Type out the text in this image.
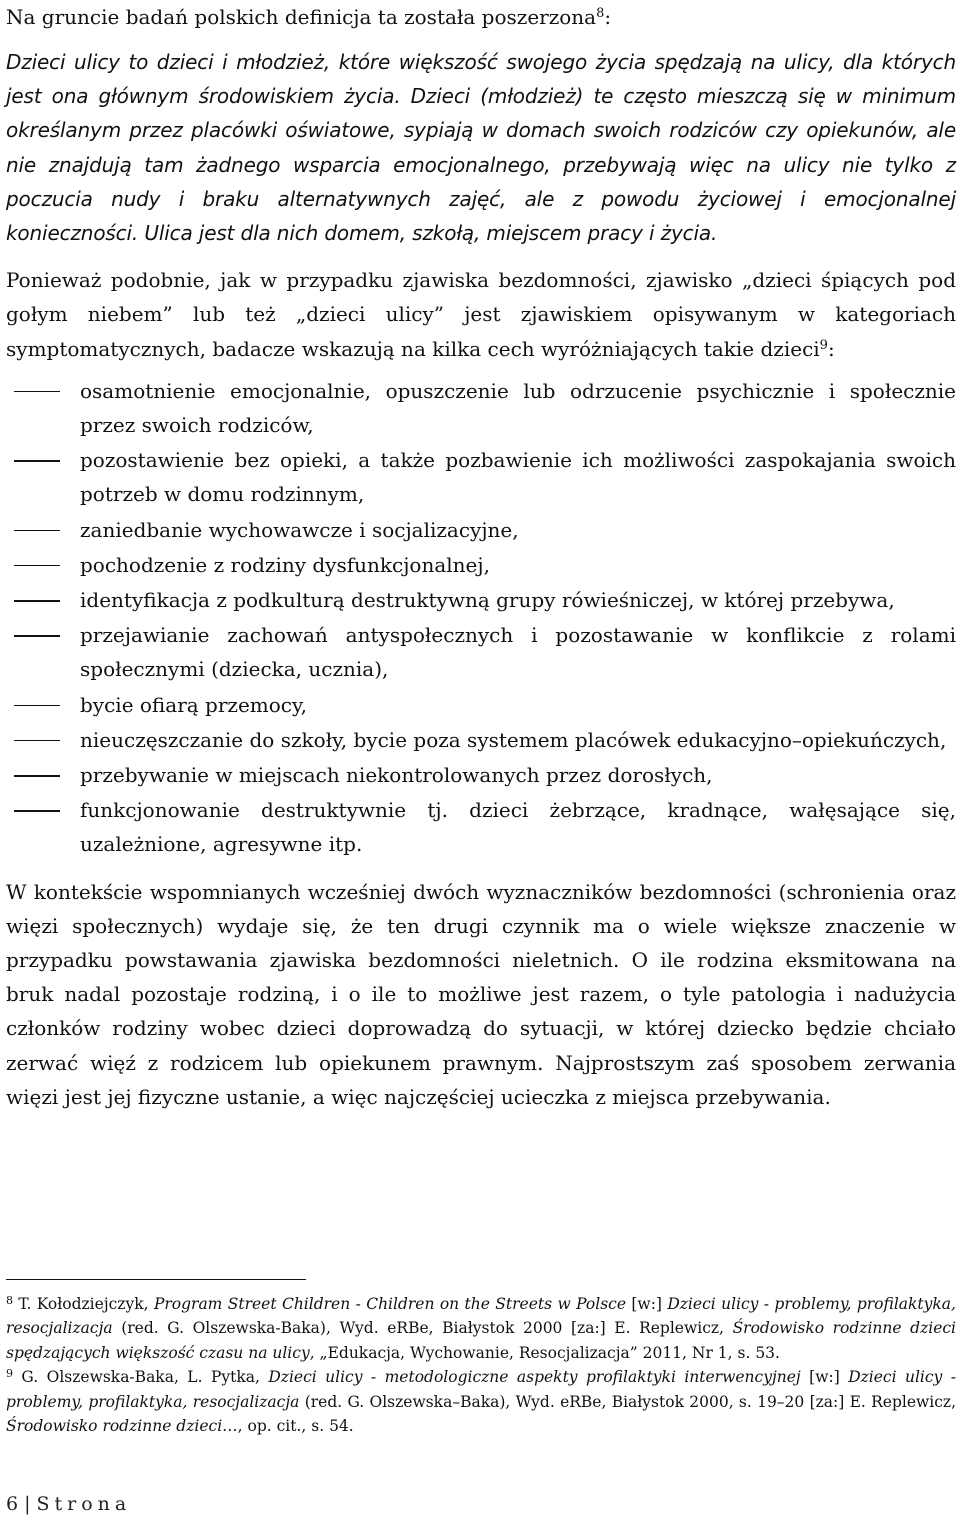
Na gruncie badań polskich definicja ta została poszerzona$^8$:

Dzieci ulicy to dzieci i młodzież, które większość swojego życia spędzają na ulicy, dla których jest ona głównym środowiskiem życia. Dzieci (młodzież) te często mieszczą się w minimum określanym przez placówki oświatowe, sypiają w domach swoich rodziców czy opiekunów, ale nie znajdują tam żadnego wsparcia emocjonalnego, przebywają więc na ulicy nie tylko z poczucia nudy i braku alternatywnych zajęć, ale z powodu życiowej i emocjonalnej konieczności. Ulica jest dla nich domem, szkołą, miejscem pracy i życia.

Ponieważ podobnie, jak w przypadku zjawiska bezdomności, zjawisko „dzieci śpiących pod gołym niebem” lub też „dzieci ulicy” jest zjawiskiem opisywanym w kategoriach symptomatycznych, badacze wskazują na kilka cech wyróżniających takie dzieci$^9$:

osamotnienie emocjonalnie, opuszczenie lub odrzucenie psychicznie i społecznie przez swoich rodziców,
pozostawienie bez opieki, a także pozbawienie ich możliwości zaspokajania swoich potrzeb w domu rodzinnym,
zaniedbanie wychowawcze i socjalizacyjne,
pochodzenie z rodziny dysfunkcjonalnej,
identyfikacja z podkulturą destruktywną grupy rówieśniczej, w której przebywa,
przejawianie zachowań antyspołecznych i pozostawanie w konflikcie z rolami społecznymi (dziecka, ucznia),
bycie ofiarą przemocy,
nieuczęszczanie do szkoły, bycie poza systemem placówek edukacyjno–opiekuńczych,
przebywanie w miejscach niekontrolowanych przez dorosłych,
funkcjonowanie destruktywnie tj. dzieci żebrzące, kradnące, wałęsające się, uzależnione, agresywne itp.

W kontekście wspomnianych wcześniej dwóch wyznaczników bezdomności (schronienia oraz więzi społecznych) wydaje się, że ten drugi czynnik ma o wiele większe znaczenie w przypadku powstawania zjawiska bezdomności nieletnich. O ile rodzina eksmitowana na bruk nadal pozostaje rodziną, i o ile to możliwe jest razem, o tyle patologia i nadużycia członków rodziny wobec dzieci doprowadzą do sytuacji, w której dziecko będzie chciało zerwać więź z rodzicem lub opiekunem prawnym. Najprostszym zaś sposobem zerwania więzi jest jej fizyczne ustanie, a więc najczęściej ucieczka z miejsca przebywania.

$^8$ T. Kołodziejczyk, Program Street Children - Children on the Streets w Polsce [w:] Dzieci ulicy - problemy, profilaktyka, resocjalizacja (red. G. Olszewska-Baka), Wyd. eRBe, Białystok 2000 [za:] E. Replewicz, Środowisko rodzinne dzieci spędzających większość czasu na ulicy, „Edukacja, Wychowanie, Resocjalizacja” 2011, Nr 1, s. 53.

$^9$ G. Olszewska-Baka, L. Pytka, Dzieci ulicy - metodologiczne aspekty profilaktyki interwencyjnej [w:] Dzieci ulicy - problemy, profilaktyka, resocjalizacja (red. G. Olszewska–Baka), Wyd. eRBe, Białystok 2000, s. 19–20 [za:] E. Replewicz, Środowisko rodzinne dzieci…, op. cit., s. 54.

6 | Strona
